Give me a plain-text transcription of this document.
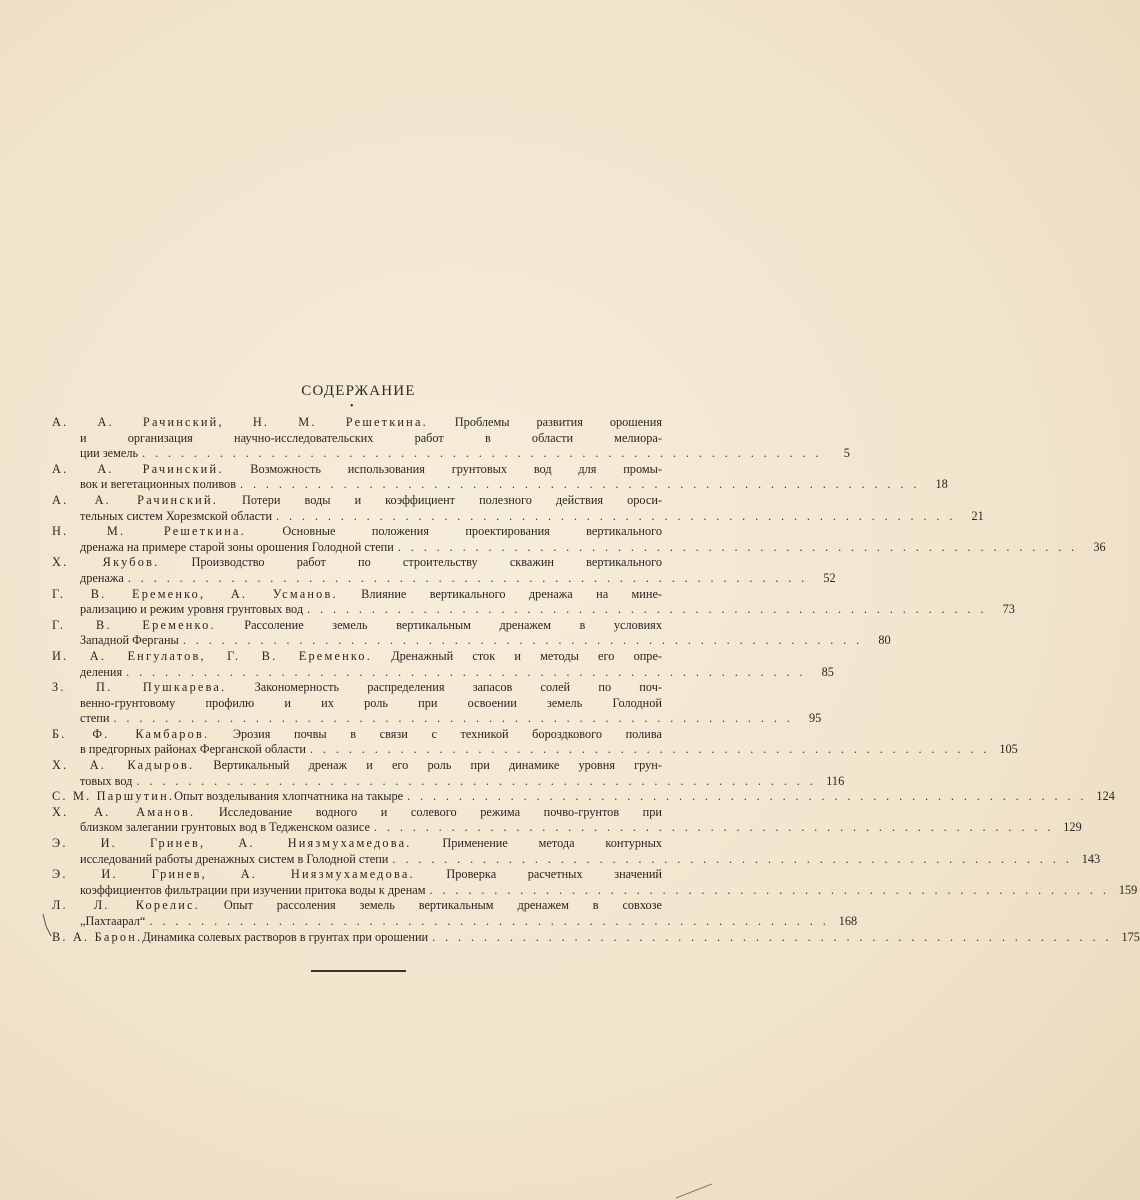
СОДЕРЖАНИЕ
•
А. А. Рачинский, Н. М. Решеткина. Проблемы развития орошения
и организация научно-исследовательских работ в области мелиора-
ции земель . . . . . . . . . . . . . . . . . . . . . . . . . . . . . . . . . . . . . . . . . . . . . . . . . . . . .	5
А. А. Рачинский. Возможность использования грунтовых вод для промы-
вок и вегетационных поливов . . . . . . . . . . . . . . . . . . . . . . . . . . . . . . . . . . . . . . . . . . . . . . . . . . . . .	18
А. А. Рачинский. Потери воды и коэффициент полезного действия ороси-
тельных систем Хорезмской области . . . . . . . . . . . . . . . . . . . . . . . . . . . . . . . . . . . . . . . . . . . . . . . . . . . . .	21
Н. М. Решеткина. Основные положения проектирования вертикального
дренажа на примере старой зоны орошения Голодной степи . . . . . . . . . . . . . . . . . . . . . . . . . . . . . . . . . . . . . . . . . . . . . . . . . . . . .	36
Х. Якубов. Производство работ по строительству скважин вертикального
дренажа . . . . . . . . . . . . . . . . . . . . . . . . . . . . . . . . . . . . . . . . . . . . . . . . . . . . .	52
Г. В. Еременко, А. Усманов. Влияние вертикального дренажа на мине-
рализацию и режим уровня грунтовых вод . . . . . . . . . . . . . . . . . . . . . . . . . . . . . . . . . . . . . . . . . . . . . . . . . . . . .	73
Г. В. Еременко. Рассоление земель вертикальным дренажем в условиях
Западной Ферганы . . . . . . . . . . . . . . . . . . . . . . . . . . . . . . . . . . . . . . . . . . . . . . . . . . . . .	80
И. А. Енгулатов, Г. В. Еременко. Дренажный сток и методы его опре-
деления . . . . . . . . . . . . . . . . . . . . . . . . . . . . . . . . . . . . . . . . . . . . . . . . . . . . .	85
З. П. Пушкарева. Закономерность распределения запасов солей по поч-
венно-грунтовому профилю и их роль при освоении земель Голодной
степи . . . . . . . . . . . . . . . . . . . . . . . . . . . . . . . . . . . . . . . . . . . . . . . . . . . . .	95
Б. Ф. Камбаров. Эрозия почвы в связи с техникой бороздкового полива
в предгорных районах Ферганской области . . . . . . . . . . . . . . . . . . . . . . . . . . . . . . . . . . . . . . . . . . . . . . . . . . . . . 105
Х. А. Кадыров. Вертикальный дренаж и его роль при динамике уровня грун-
товых вод . . . . . . . . . . . . . . . . . . . . . . . . . . . . . . . . . . . . . . . . . . . . . . . . . . . . . 116
С. М. Паршутин. Опыт возделывания хлопчатника на такыре . . . . . . . . . . . . . . . . . . . . . . . . . . . . . . . . . . . . . . . . . . . . . . . . . . . . . 124
Х. А. Аманов. Исследование водного и солевого режима почво-грунтов при
близком залегании грунтовых вод в Теджeнском оазисе . . . . . . . . . . . . . . . . . . . . . . . . . . . . . . . . . . . . . . . . . . . . . . . . . . . . . 129
Э. И. Гринев, А. Ниязмухамедова. Применение метода контурных
исследований работы дренажных систем в Голодной степи . . . . . . . . . . . . . . . . . . . . . . . . . . . . . . . . . . . . . . . . . . . . . . . . . . . . . 143
Э. И. Гринев, А. Ниязмухамедова. Проверка расчетных значений
коэффициентов фильтрации при изучении притока воды к дренам . . . . . . . . . . . . . . . . . . . . . . . . . . . . . . . . . . . . . . . . . . . . . . . . . . . . . 159
Л. Л. Корелис. Опыт рассоления земель вертикальным дренажем в совхозе
„Пахтаарал“ . . . . . . . . . . . . . . . . . . . . . . . . . . . . . . . . . . . . . . . . . . . . . . . . . . . . . 168
В. А. Барон. Динамика солевых растворов в грунтах при орошении . . . . . . . . . . . . . . . . . . . . . . . . . . . . . . . . . . . . . . . . . . . . . . . . . . . . . 175
